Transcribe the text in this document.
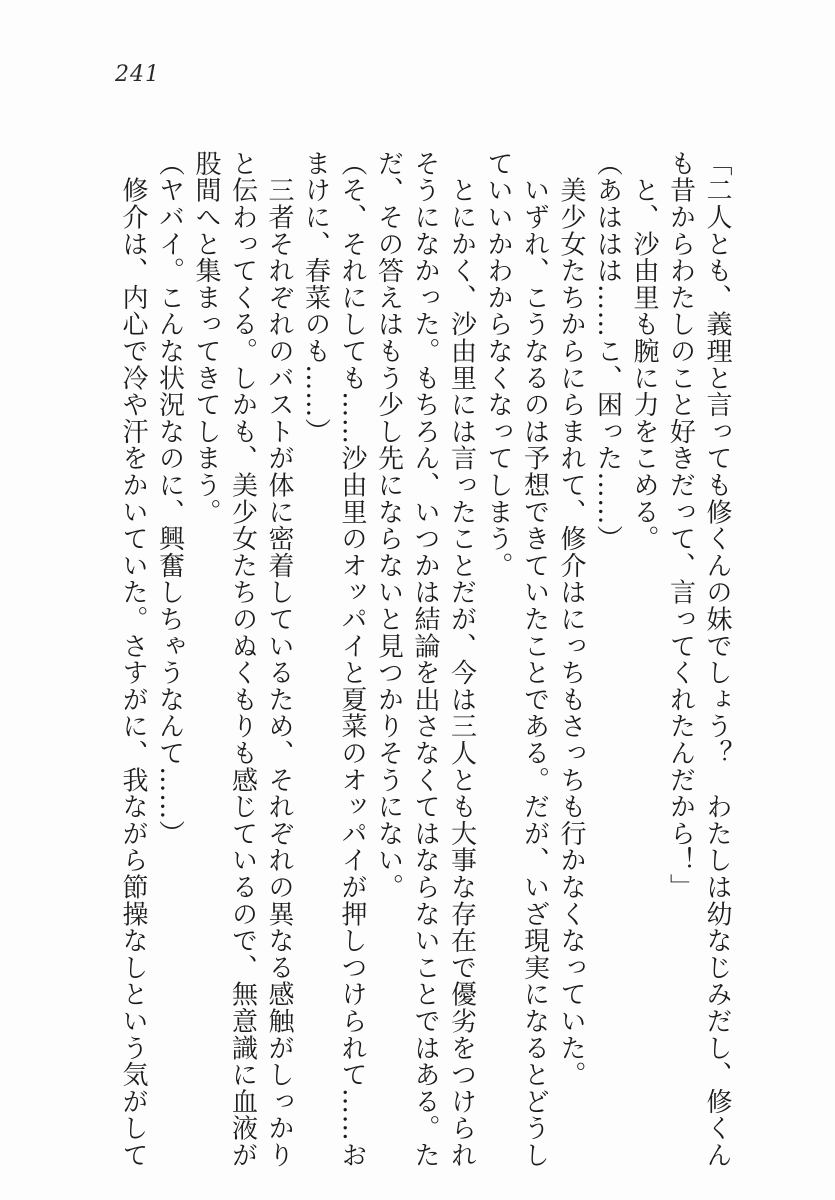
241
「二人とも、義理と言っても修くんの妹でしょう？　わたしは幼なじみだし、修くん
も昔からわたしのこと好きだって、言ってくれたんだから！」
　と、沙由里も腕に力をこめる。
（あははは……こ、困った……）
　美少女たちからにらまれて、修介はにっちもさっちも行かなくなっていた。
　いずれ、こうなるのは予想できていたことである。だが、いざ現実になるとどうし
ていいかわからなくなってしまう。
　とにかく、沙由里には言ったことだが、今は三人とも大事な存在で優劣をつけられ
そうになかった。もちろん、いつかは結論を出さなくてはならないことではある。た
だ、その答えはもう少し先にならないと見つかりそうにない。
（そ、それにしても……沙由里のオッパイと夏菜のオッパイが押しつけられて……お
まけに、春菜のも……）
　三者それぞれのバストが体に密着しているため、それぞれの異なる感触がしっかり
と伝わってくる。しかも、美少女たちのぬくもりも感じているので、無意識に血液が
股間へと集まってきてしまう。
（ヤバイ。こんな状況なのに、興奮しちゃうなんて……）
　修介は、内心で冷や汗をかいていた。さすがに、我ながら節操なしという気がして
